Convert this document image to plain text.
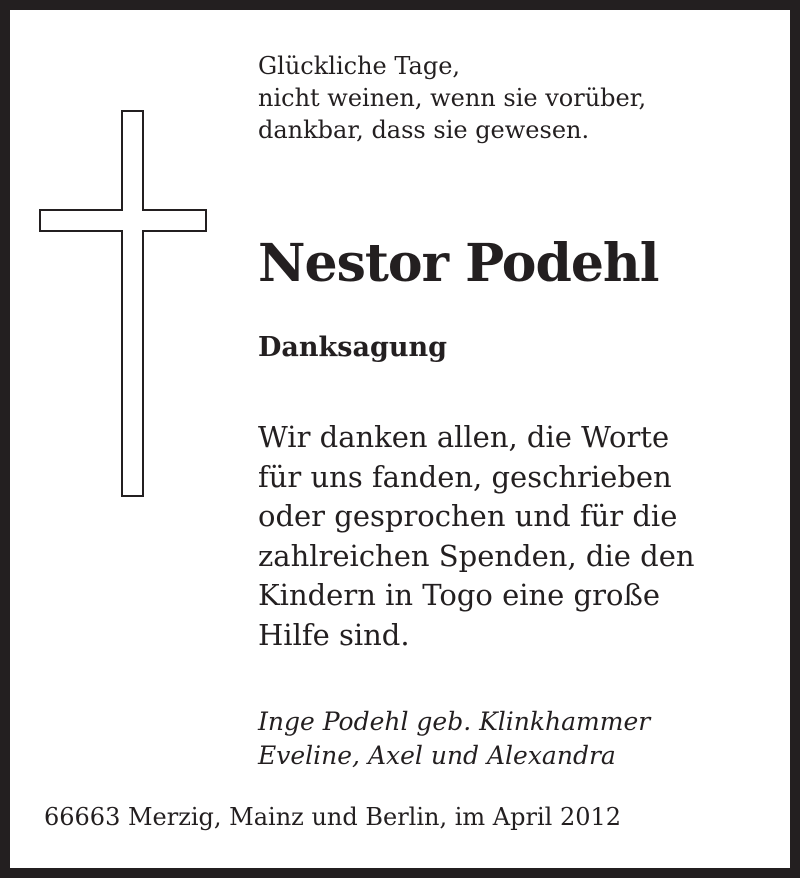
Glückliche Tage,
nicht weinen, wenn sie vorüber,
dankbar, dass sie gewesen.
Nestor Podehl
Danksagung
Wir danken allen, die Worte
für uns fanden, geschrieben
oder gesprochen und für die
zahlreichen Spenden, die den
Kindern in Togo eine große
Hilfe sind.
Inge Podehl geb. Klinkhammer
Eveline, Axel und Alexandra
66663 Merzig, Mainz und Berlin, im April 2012
